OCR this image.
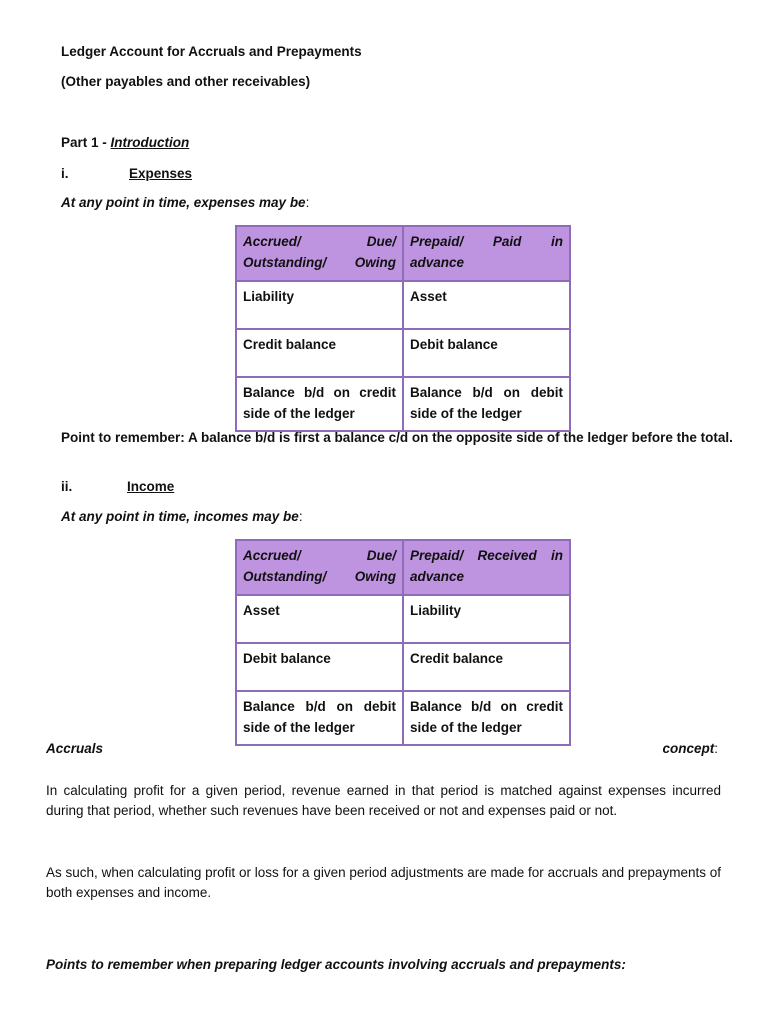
Ledger Account for Accruals and Prepayments
(Other payables and other receivables)
Part 1 - Introduction
i.	Expenses
At any point in time, expenses may be:
Accrued/ Due/ Outstanding/ Owing	Prepaid/ Paid in advance
Liability	Asset
Credit balance	Debit balance
Balance b/d on credit side of the ledger	Balance b/d on debit side of the ledger
Point to remember: A balance b/d is first a balance c/d on the opposite side of the ledger before the total.
ii.	Income
At any point in time, incomes may be:
Accrued/ Due/ Outstanding/ Owing	Prepaid/ Received in advance
Asset	Liability
Debit balance	Credit balance
Balance b/d on debit side of the ledger	Balance b/d on credit side of the ledger
Accruals	concept:
In calculating profit for a given period, revenue earned in that period is matched against expenses incurred during that period, whether such revenues have been received or not and expenses paid or not.
As such, when calculating profit or loss for a given period adjustments are made for accruals and prepayments of both expenses and income.
Points to remember when preparing ledger accounts involving accruals and prepayments:
